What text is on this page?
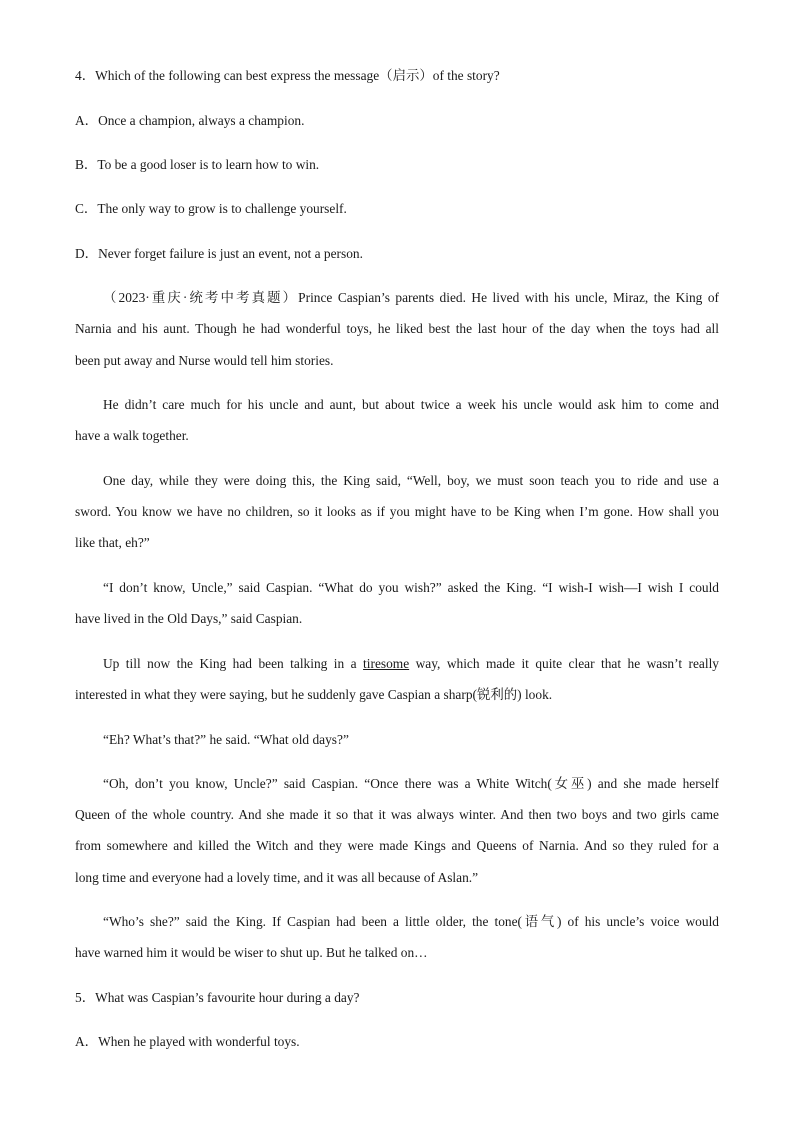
4．Which of the following can best express the message（启示）of the story?
A．Once a champion, always a champion.
B．To be a good loser is to learn how to win.
C．The only way to grow is to challenge yourself.
D．Never forget failure is just an event, not a person.
（2023·重庆·统考中考真题）Prince Caspian’s parents died. He lived with his uncle, Miraz, the King of
Narnia and his aunt. Though he had wonderful toys, he liked best the last hour of the day when the toys had all
been put away and Nurse would tell him stories.
He didn’t care much for his uncle and aunt, but about twice a week his uncle would ask him to come and
have a walk together.
One day, while they were doing this, the King said, “Well, boy, we must soon teach you to ride and use a
sword. You know we have no children, so it looks as if you might have to be King when I’m gone. How shall you
like that, eh?”
“I don’t know, Uncle,” said Caspian. “What do you wish?” asked the King. “I wish-I wish—I wish I could
have lived in the Old Days,” said Caspian.
Up till now the King had been talking in a tiresome way, which made it quite clear that he wasn’t really
interested in what they were saying, but he suddenly gave Caspian a sharp(锐利的) look.
“Eh? What’s that?” he said. “What old days?”
“Oh, don’t you know, Uncle?” said Caspian. “Once there was a White Witch(女巫) and she made herself
Queen of the whole country. And she made it so that it was always winter. And then two boys and two girls came
from somewhere and killed the Witch and they were made Kings and Queens of Narnia. And so they ruled for a
long time and everyone had a lovely time, and it was all because of Aslan.”
“Who’s she?” said the King. If Caspian had been a little older, the tone(语气) of his uncle’s voice would
have warned him it would be wiser to shut up. But he talked on…
5．What was Caspian’s favourite hour during a day?
A．When he played with wonderful toys.
